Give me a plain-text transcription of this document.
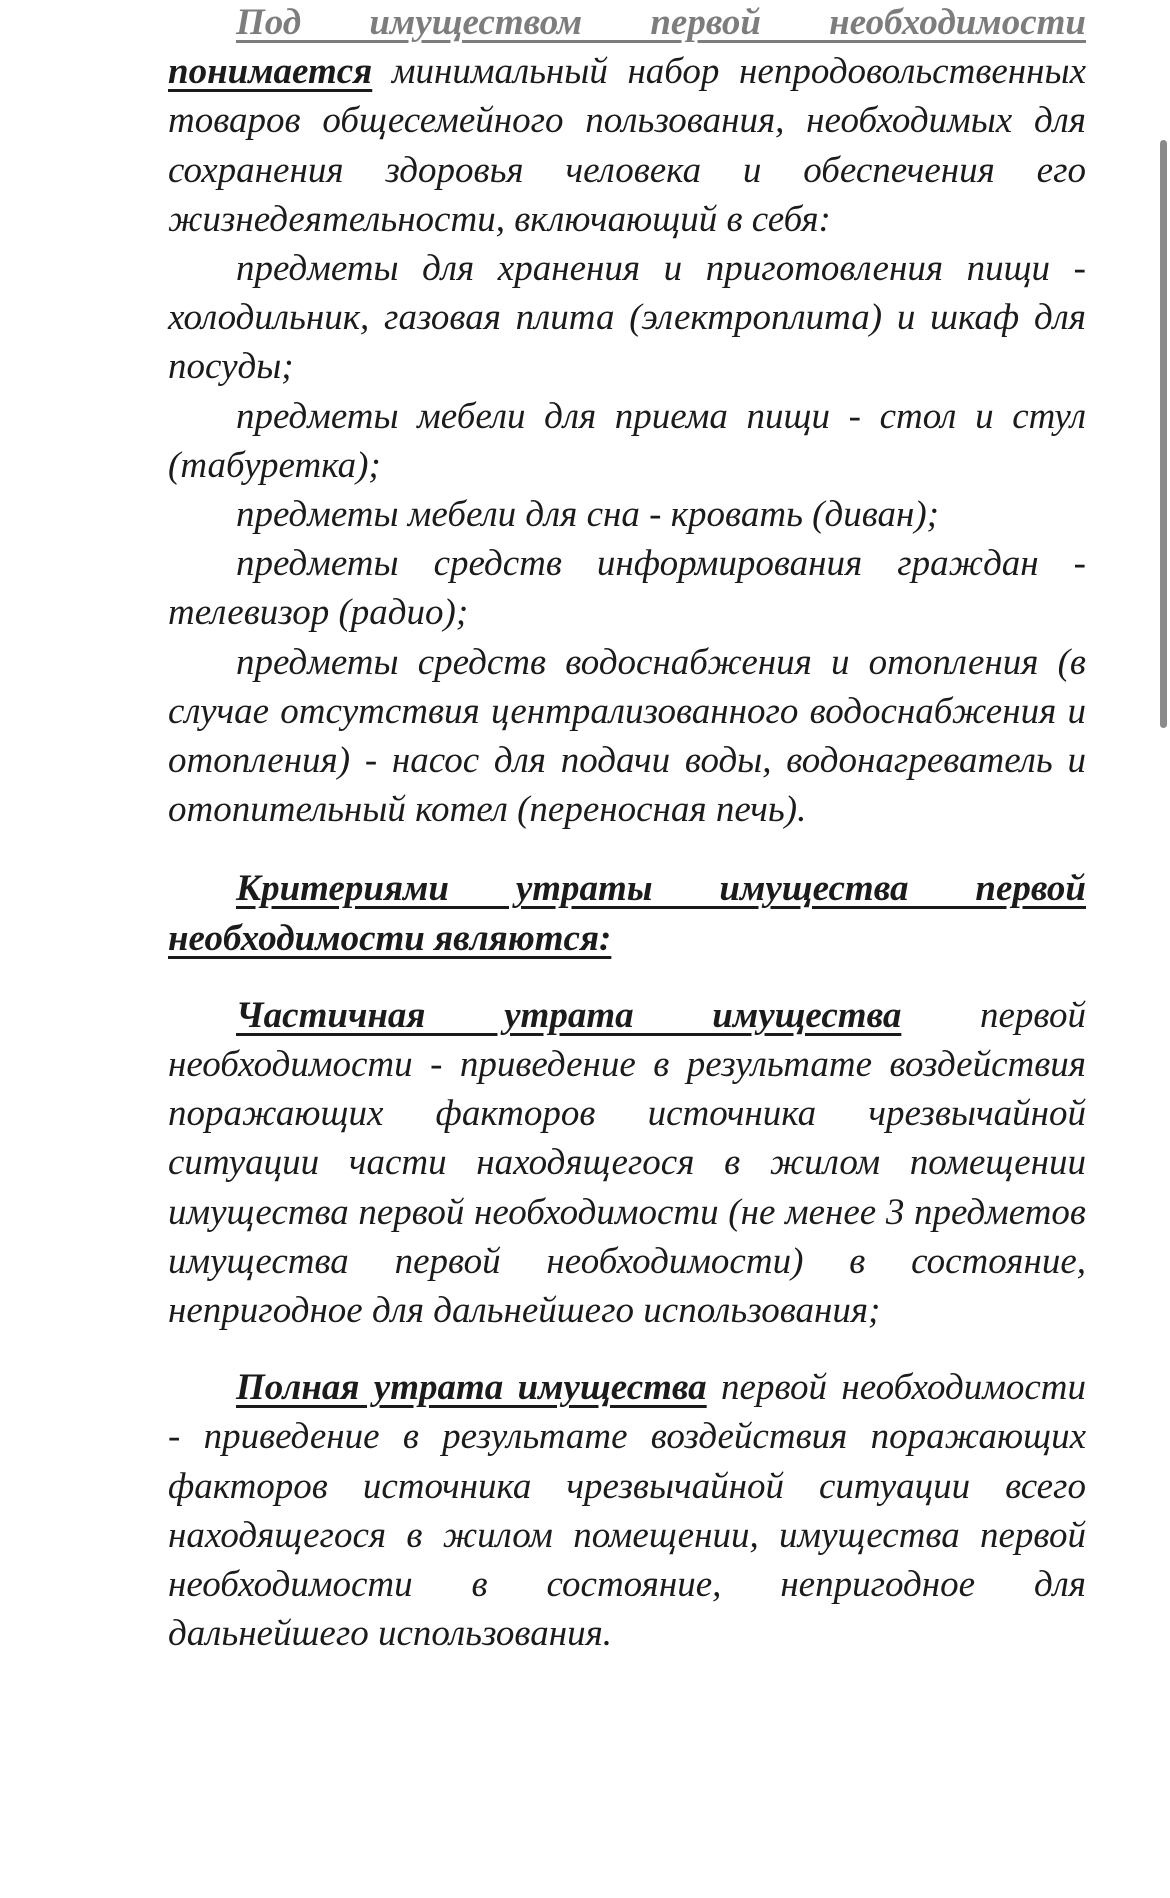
Под имуществом первой необходимости понимается минимальный набор непродовольственных товаров общесемейного пользования, необходимых для сохранения здоровья человека и обеспечения его жизнедеятельности, включающий в себя:

предметы для хранения и приготовления пищи - холодильник, газовая плита (электроплита) и шкаф для посуды;

предметы мебели для приема пищи - стол и стул (табуретка);

предметы мебели для сна - кровать (диван);

предметы средств информирования граждан - телевизор (радио);

предметы средств водоснабжения и отопления (в случае отсутствия централизованного водоснабжения и отопления) - насос для подачи воды, водонагреватель и отопительный котел (переносная печь).

Критериями утраты имущества первой необходимости являются:

Частичная утрата имущества первой необходимости - приведение в результате воздействия поражающих факторов источника чрезвычайной ситуации части находящегося в жилом помещении имущества первой необходимости (не менее 3 предметов имущества первой необходимости) в состояние, непригодное для дальнейшего использования;

Полная утрата имущества первой необходимости - приведение в результате воздействия поражающих факторов источника чрезвычайной ситуации всего находящегося в жилом помещении, имущества первой необходимости в состояние, непригодное для дальнейшего использования.
